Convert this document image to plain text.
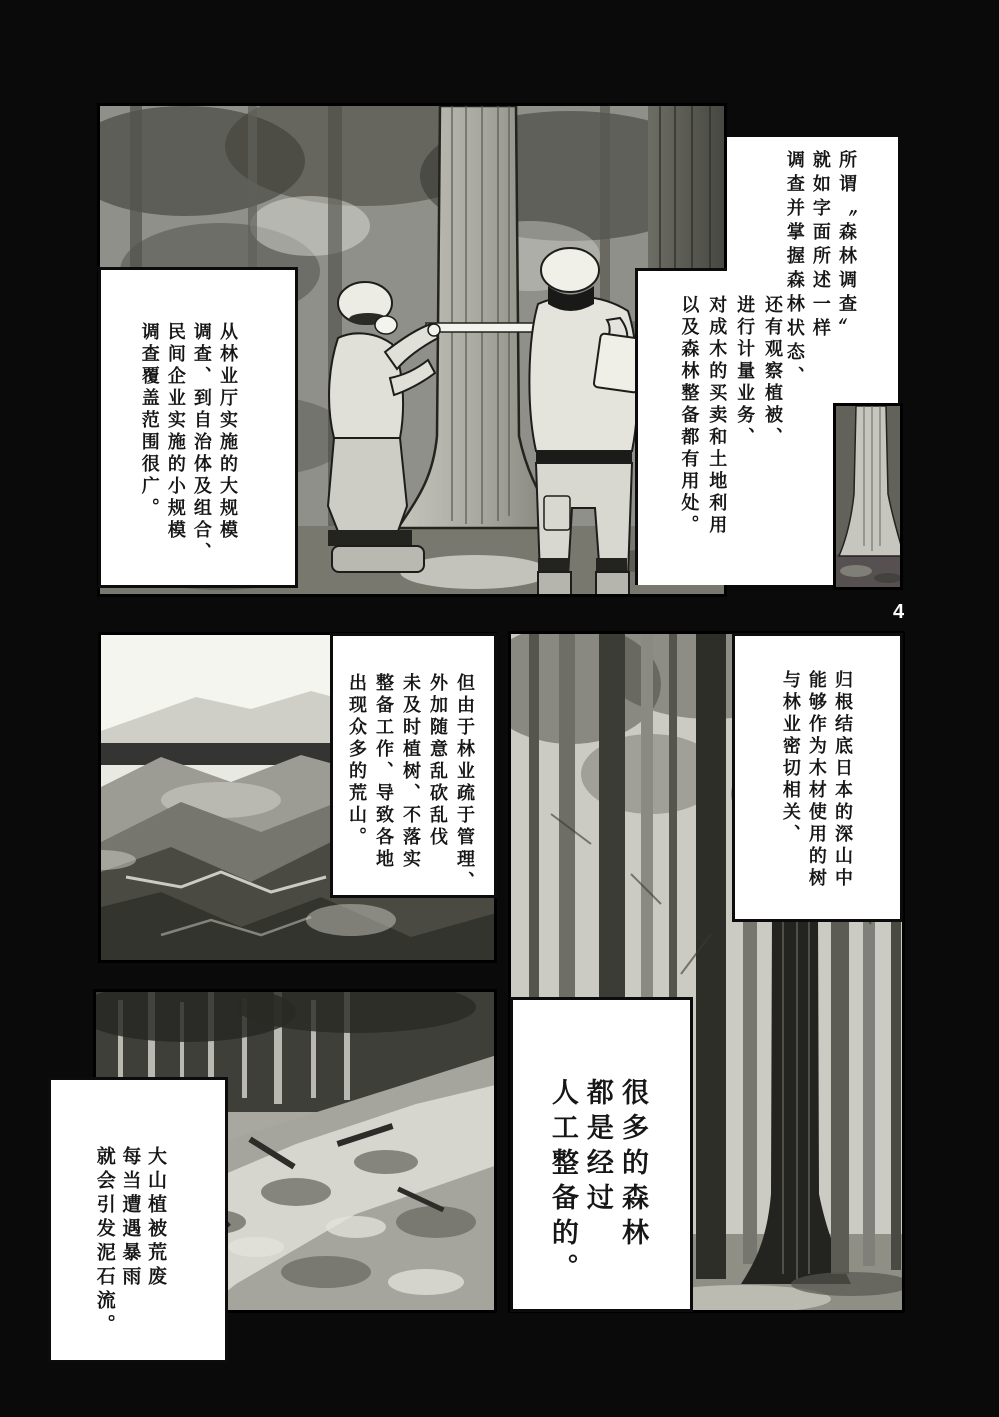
所谓〝森林调查〞
就如字面所述一样
调查并掌握森林状态、
还有观察植被、
进行计量业务、
对成木的买卖和土地利用
以及森林整备都有用处。
从林业厅实施的大规模
调查、到自治体及组合、
民间企业实施的小规模
调查覆盖范围很广。
归根结底日本的深山中
能够作为木材使用的树
与林业密切相关、
但由于林业疏于管理、
外加随意乱砍乱伐
未及时植树、不落实
整备工作、导致各地
出现众多的荒山。
大山植被荒废
每当遭遇暴雨
就会引发泥石流。	很多的森林
都是经过
人工整备的。
4
